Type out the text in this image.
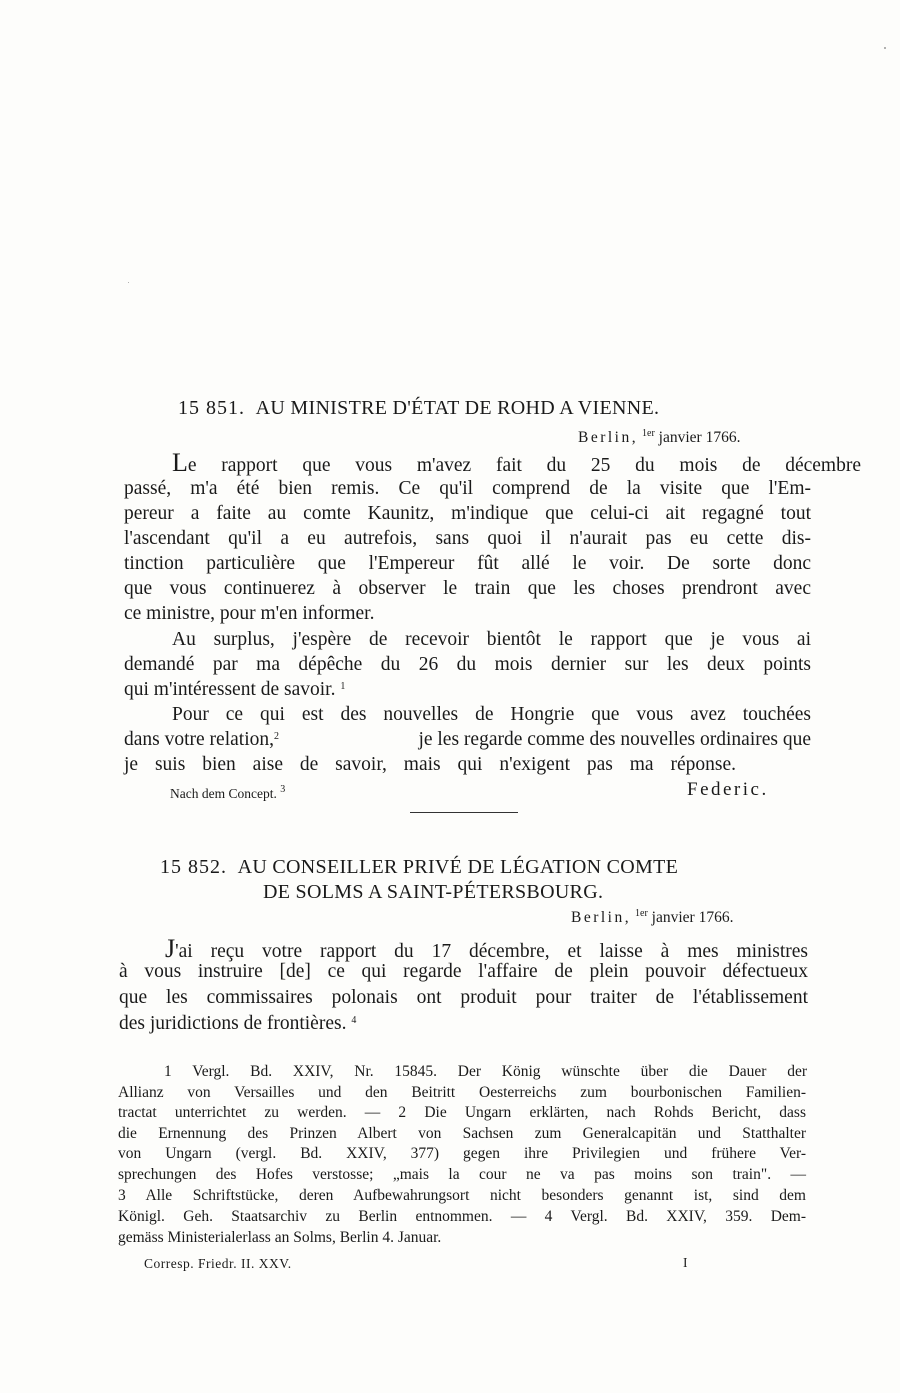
15 851. AU MINISTRE D'ÉTAT DE ROHD A VIENNE.
Berlin, $^{1er}$ janvier 1766.
Le rapport que vous m'avez fait du 25 du mois de décembre
passé, m'a été bien remis. Ce qu'il comprend de la visite que l'Em-
pereur a faite au comte Kaunitz, m'indique que celui-ci ait regagné tout
l'ascendant qu'il a eu autrefois, sans quoi il n'aurait pas eu cette dis-
tinction particulière que l'Empereur fût allé le voir. De sorte donc
que vous continuerez à observer le train que les choses prendront avec
ce ministre, pour m'en informer.
Au surplus, j'espère de recevoir bientôt le rapport que je vous ai
demandé par ma dépêche du 26 du mois dernier sur les deux points
qui m'intéressent de savoir. $^1$
Pour ce qui est des nouvelles de Hongrie que vous avez touchées
dans votre relation,$^2$	je les regarde comme des nouvelles ordinaires que
je suis bien aise de savoir, mais qui n'exigent pas ma réponse.
Nach dem Concept. $^3$	Federic.
15 852. AU CONSEILLER PRIVÉ DE LÉGATION COMTE
DE SOLMS A SAINT-PÉTERSBOURG.
Berlin, $^{1er}$ janvier 1766.
J'ai reçu votre rapport du 17 décembre, et laisse à mes ministres
à vous instruire [de] ce qui regarde l'affaire de plein pouvoir défectueux
que les commissaires polonais ont produit pour traiter de l'établissement
des juridictions de frontières. $^4$
1 Vergl. Bd. XXIV, Nr. 15845. Der König wünschte über die Dauer der
Allianz von Versailles und den Beitritt Oesterreichs zum bourbonischen Familien-
tractat unterrichtet zu werden. — 2 Die Ungarn erklärten, nach Rohds Bericht, dass
die Ernennung des Prinzen Albert von Sachsen zum Generalcapitän und Statthalter
von Ungarn (vergl. Bd. XXIV, 377) gegen ihre Privilegien und frühere Ver-
sprechungen des Hofes verstosse; „mais la cour ne va pas moins son train". —
3 Alle Schriftstücke, deren Aufbewahrungsort nicht besonders genannt ist, sind dem
Königl. Geh. Staatsarchiv zu Berlin entnommen. — 4 Vergl. Bd. XXIV, 359. Dem-
gemäss Ministerialerlass an Solms, Berlin 4. Januar.
Corresp. Friedr. II. XXV.	I
